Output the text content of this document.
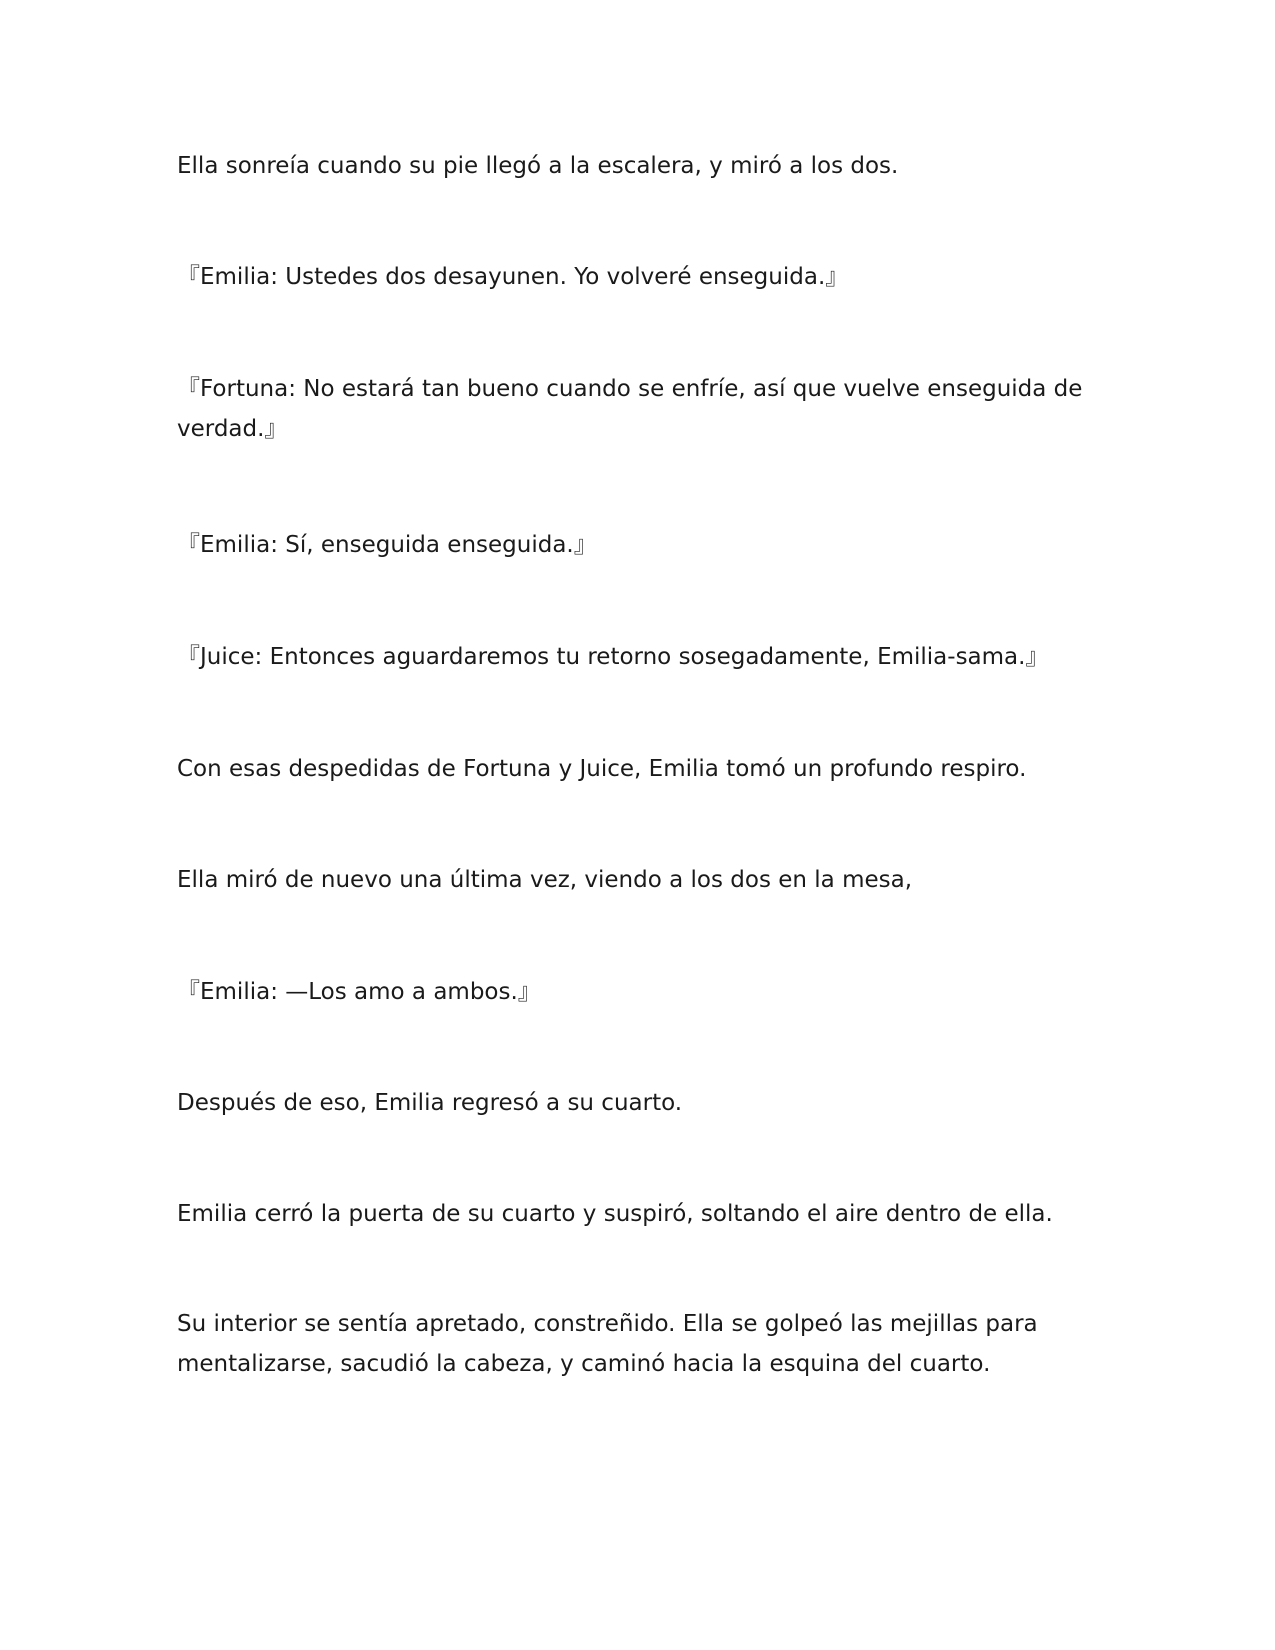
Ella sonreía cuando su pie llegó a la escalera, y miró a los dos.

『Emilia: Ustedes dos desayunen. Yo volveré enseguida.』

『Fortuna: No estará tan bueno cuando se enfríe, así que vuelve enseguida de verdad.』

『Emilia: Sí, enseguida enseguida.』

『Juice: Entonces aguardaremos tu retorno sosegadamente, Emilia-sama.』

Con esas despedidas de Fortuna y Juice, Emilia tomó un profundo respiro.

Ella miró de nuevo una última vez, viendo a los dos en la mesa,

『Emilia: —Los amo a ambos.』

Después de eso, Emilia regresó a su cuarto.

Emilia cerró la puerta de su cuarto y suspiró, soltando el aire dentro de ella.

Su interior se sentía apretado, constreñido. Ella se golpeó las mejillas para mentalizarse, sacudió la cabeza, y caminó hacia la esquina del cuarto.
